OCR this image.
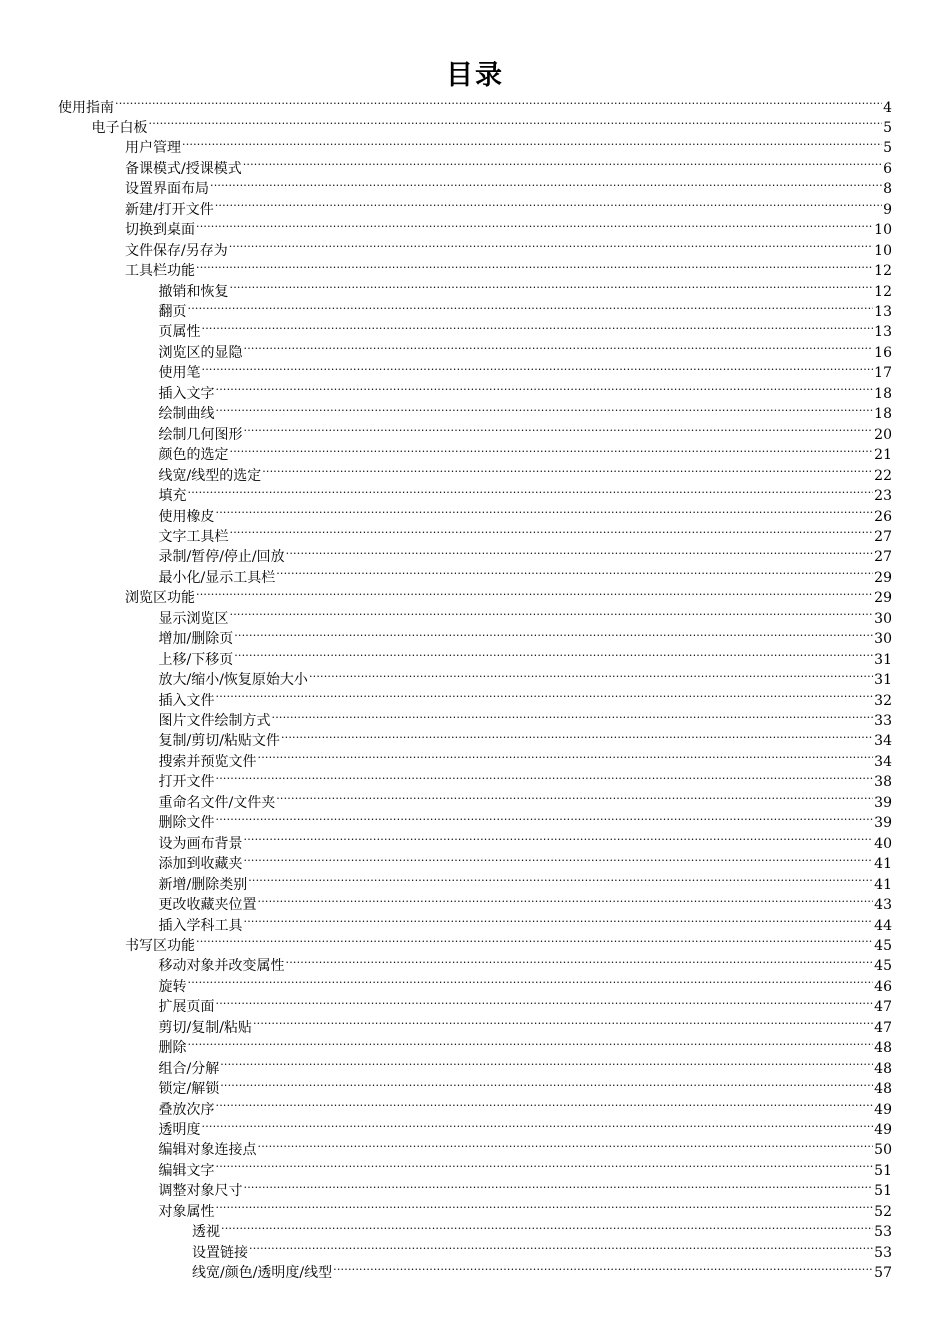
目录
使用指南 .....	4
电子白板 .....	5
用户管理 .....	5
备课模式/授课模式 .....	6
设置界面布局 .....	8
新建/打开文件 .....	9
切换到桌面 .....	10
文件保存/另存为 .....	10
工具栏功能 .....	12
撤销和恢复 .....	12
翻页 .....	13
页属性 .....	13
浏览区的显隐 .....	16
使用笔 .....	17
插入文字 .....	18
绘制曲线 .....	18
绘制几何图形 .....	20
颜色的选定 .....	21
线宽/线型的选定 .....	22
填充 .....	23
使用橡皮 .....	26
文字工具栏 .....	27
录制/暂停/停止/回放 .....	27
最小化/显示工具栏 .....	29
浏览区功能 .....	29
显示浏览区 .....	30
增加/删除页 .....	30
上移/下移页 .....	31
放大/缩小/恢复原始大小 .....	31
插入文件 .....	32
图片文件绘制方式 .....	33
复制/剪切/粘贴文件 .....	34
搜索并预览文件 .....	34
打开文件 .....	38
重命名文件/文件夹 .....	39
删除文件 .....	39
设为画布背景 .....	40
添加到收藏夹 .....	41
新增/删除类别 .....	41
更改收藏夹位置 .....	43
插入学科工具 .....	44
书写区功能 .....	45
移动对象并改变属性 .....	45
旋转 .....	46
扩展页面 .....	47
剪切/复制/粘贴 .....	47
删除 .....	48
组合/分解 .....	48
锁定/解锁 .....	48
叠放次序 .....	49
透明度 .....	49
编辑对象连接点 .....	50
编辑文字 .....	51
调整对象尺寸 .....	51
对象属性 .....	52
透视 .....	53
设置链接 .....	53
线宽/颜色/透明度/线型 .....	57
